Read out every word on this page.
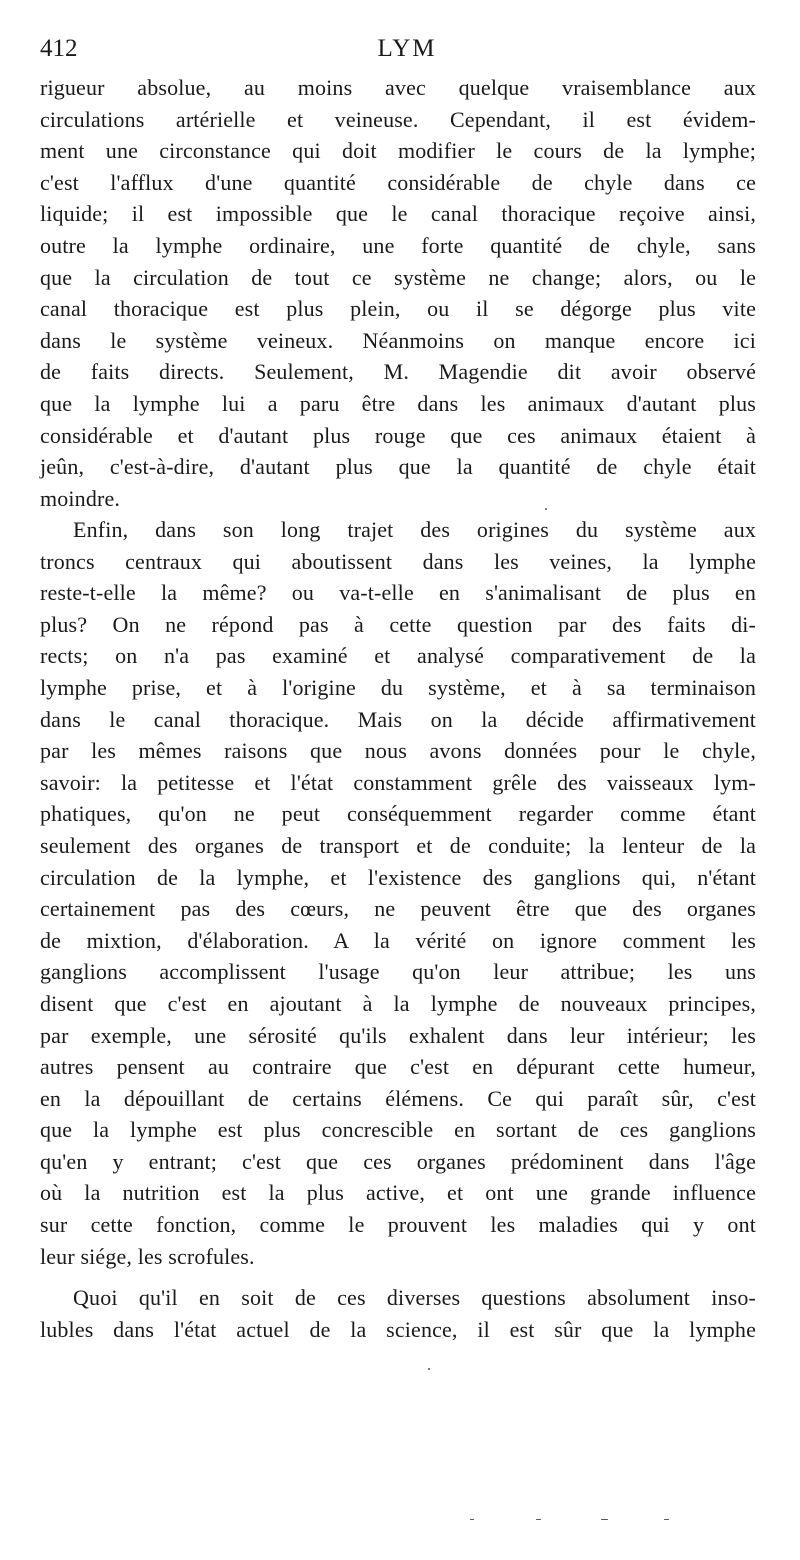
412	LYM
rigueur absolue, au moins avec quelque vraisemblance aux
circulations artérielle et veineuse. Cependant, il est évidem-
ment une circonstance qui doit modifier le cours de la lymphe;
c'est l'afflux d'une quantité considérable de chyle dans ce
liquide; il est impossible que le canal thoracique reçoive ainsi,
outre la lymphe ordinaire, une forte quantité de chyle, sans
que la circulation de tout ce système ne change; alors, ou le
canal thoracique est plus plein, ou il se dégorge plus vite
dans le système veineux. Néanmoins on manque encore ici
de faits directs. Seulement, M. Magendie dit avoir observé
que la lymphe lui a paru être dans les animaux d'autant plus
considérable et d'autant plus rouge que ces animaux étaient à
jeûn, c'est-à-dire, d'autant plus que la quantité de chyle était
moindre.
Enfin, dans son long trajet des origines du système aux
troncs centraux qui aboutissent dans les veines, la lymphe
reste-t-elle la même? ou va-t-elle en s'animalisant de plus en
plus? On ne répond pas à cette question par des faits di-
rects; on n'a pas examiné et analysé comparativement de la
lymphe prise, et à l'origine du système, et à sa terminaison
dans le canal thoracique. Mais on la décide affirmativement
par les mêmes raisons que nous avons données pour le chyle,
savoir: la petitesse et l'état constamment grêle des vaisseaux lym-
phatiques, qu'on ne peut conséquemment regarder comme étant
seulement des organes de transport et de conduite; la lenteur de la
circulation de la lymphe, et l'existence des ganglions qui, n'étant
certainement pas des cœurs, ne peuvent être que des organes
de mixtion, d'élaboration. A la vérité on ignore comment les
ganglions accomplissent l'usage qu'on leur attribue; les uns
disent que c'est en ajoutant à la lymphe de nouveaux principes,
par exemple, une sérosité qu'ils exhalent dans leur intérieur; les
autres pensent au contraire que c'est en dépurant cette humeur,
en la dépouillant de certains élémens. Ce qui paraît sûr, c'est
que la lymphe est plus concrescible en sortant de ces ganglions
qu'en y entrant; c'est que ces organes prédominent dans l'âge
où la nutrition est la plus active, et ont une grande influence
sur cette fonction, comme le prouvent les maladies qui y ont
leur siége, les scrofules.
Quoi qu'il en soit de ces diverses questions absolument inso-
lubles dans l'état actuel de la science, il est sûr que la lymphe
